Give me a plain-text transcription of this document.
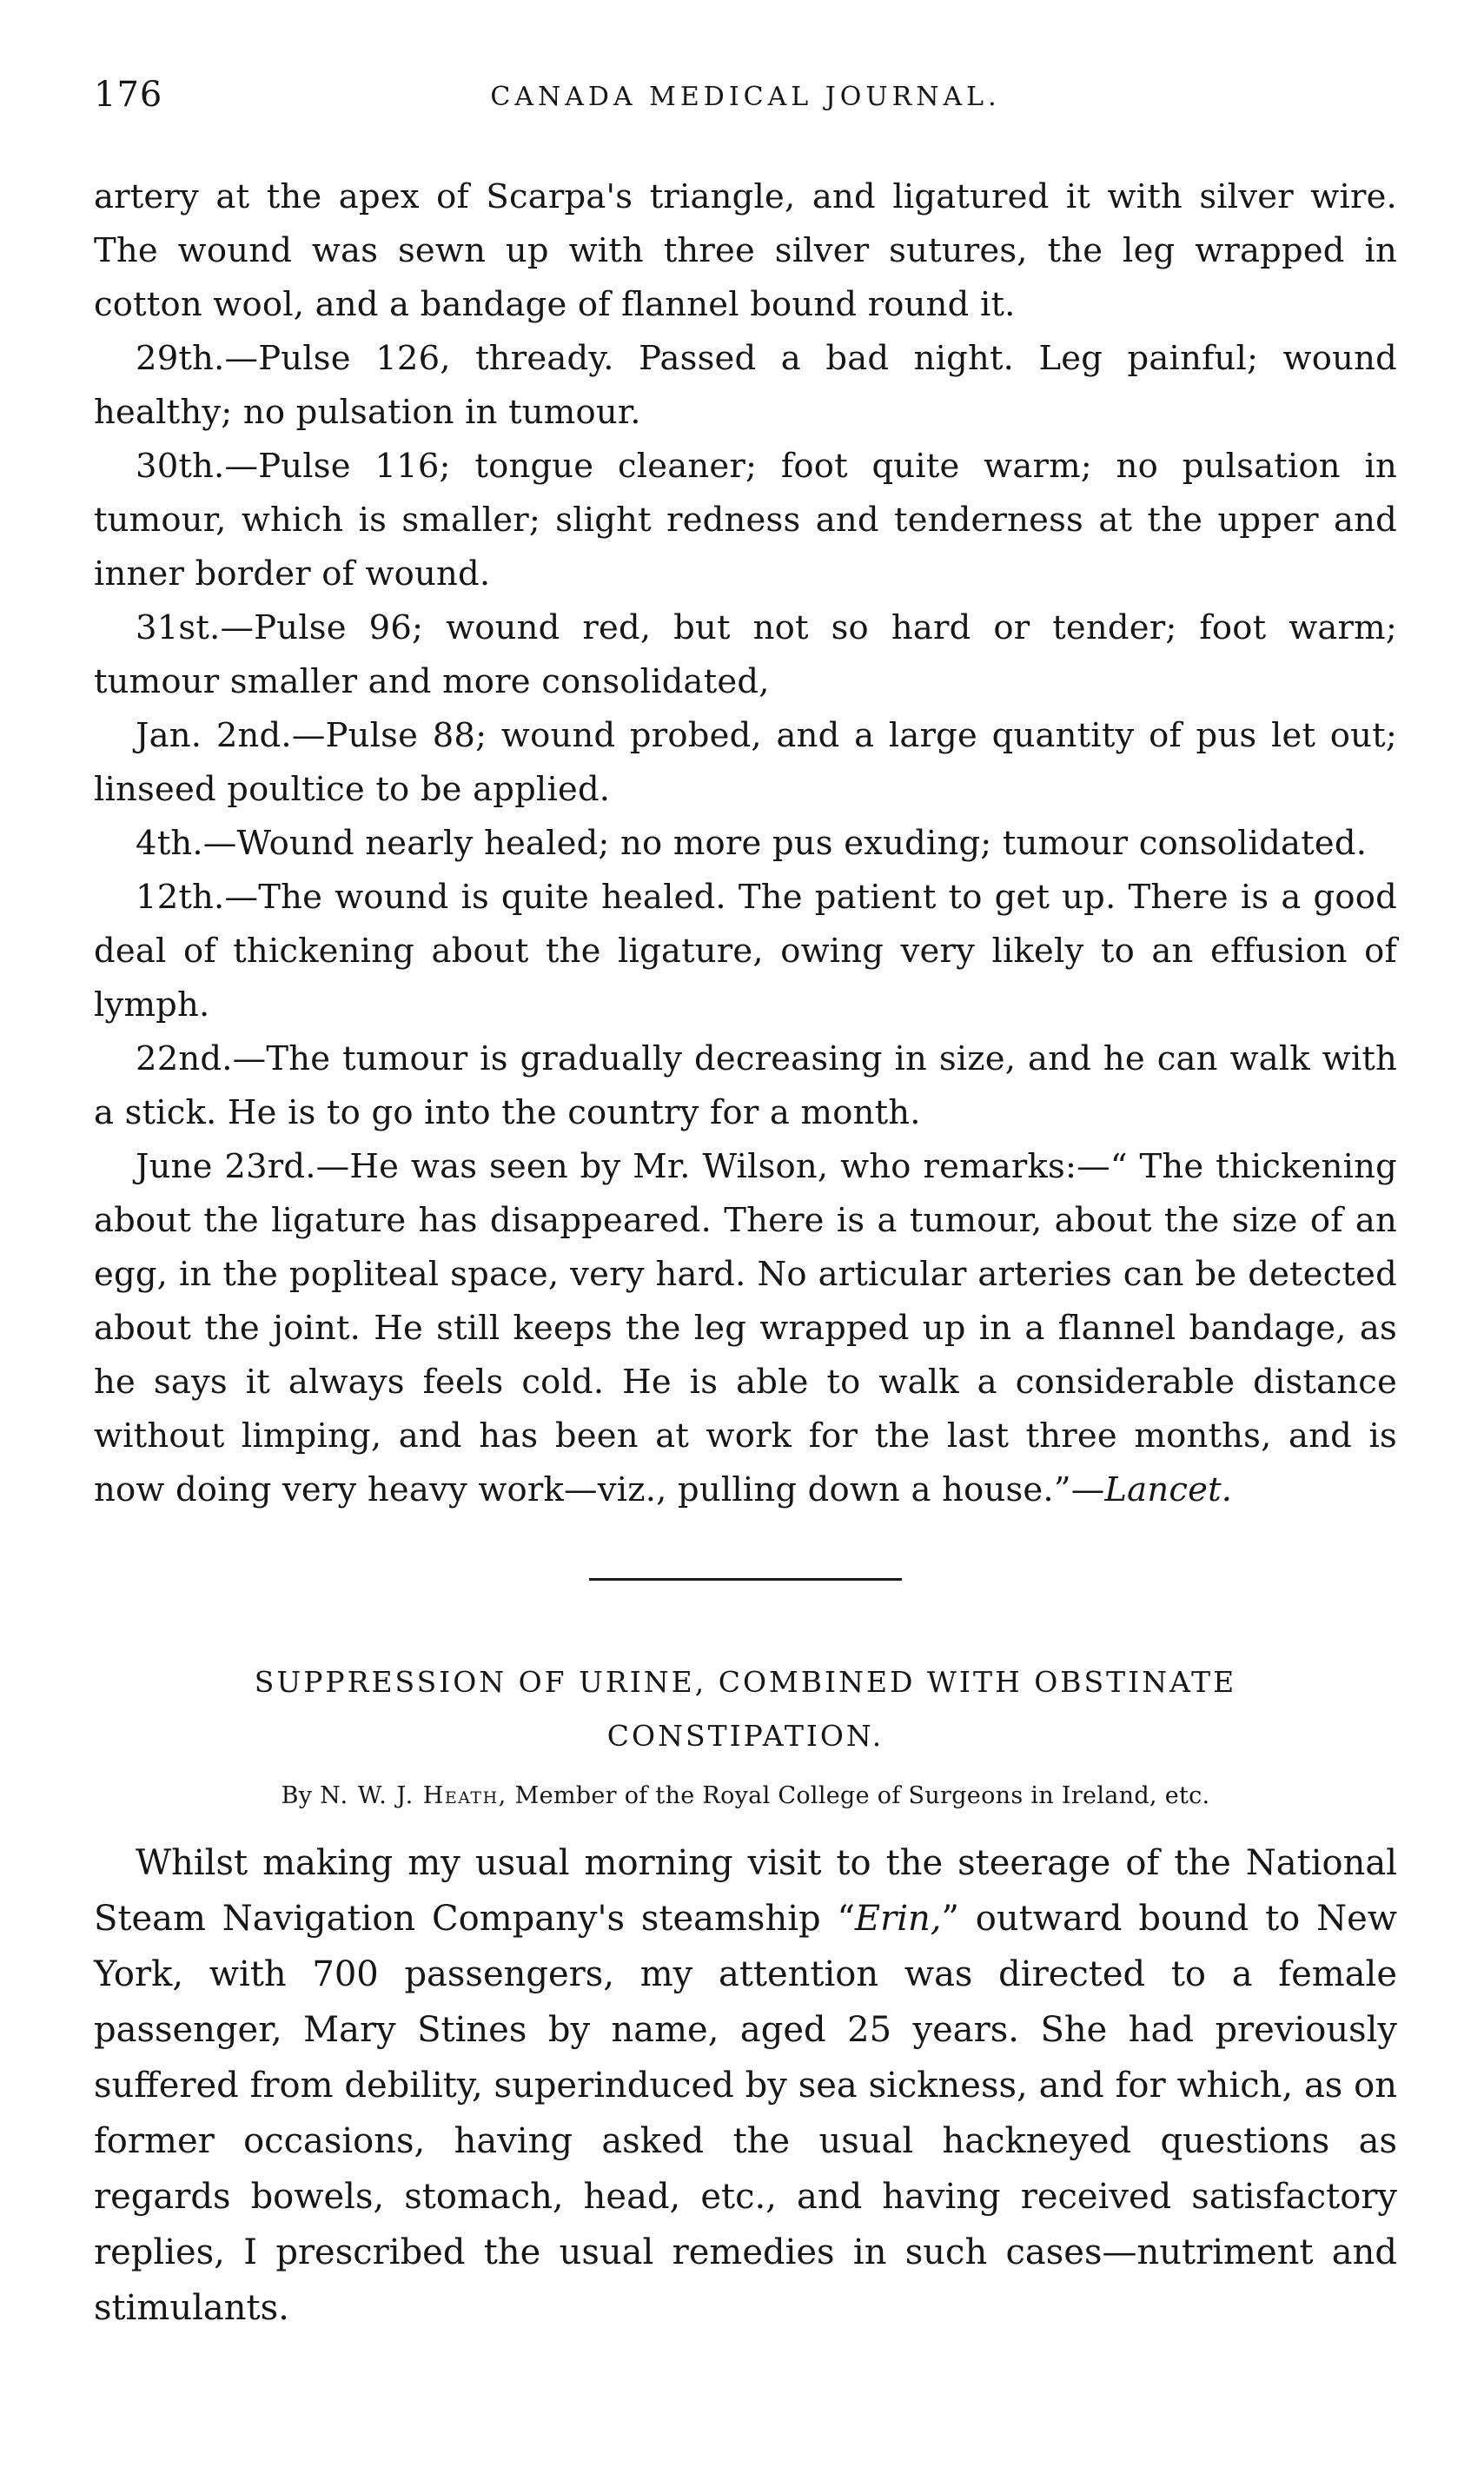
176	CANADA MEDICAL JOURNAL.

artery at the apex of Scarpa's triangle, and ligatured it with silver wire. The wound was sewn up with three silver sutures, the leg wrapped in cotton wool, and a bandage of flannel bound round it.

29th.—Pulse 126, thready. Passed a bad night. Leg painful; wound healthy; no pulsation in tumour.

30th.—Pulse 116; tongue cleaner; foot quite warm; no pulsation in tumour, which is smaller; slight redness and tenderness at the upper and inner border of wound.

31st.—Pulse 96; wound red, but not so hard or tender; foot warm; tumour smaller and more consolidated,

Jan. 2nd.—Pulse 88; wound probed, and a large quantity of pus let out; linseed poultice to be applied.

4th.—Wound nearly healed; no more pus exuding; tumour consolidated.

12th.—The wound is quite healed. The patient to get up. There is a good deal of thickening about the ligature, owing very likely to an effusion of lymph.

22nd.—The tumour is gradually decreasing in size, and he can walk with a stick. He is to go into the country for a month.

June 23rd.—He was seen by Mr. Wilson, who remarks:—“ The thickening about the ligature has disappeared. There is a tumour, about the size of an egg, in the popliteal space, very hard. No articular arteries can be detected about the joint. He still keeps the leg wrapped up in a flannel bandage, as he says it always feels cold. He is able to walk a considerable distance without limping, and has been at work for the last three months, and is now doing very heavy work—viz., pulling down a house.”—Lancet.

SUPPRESSION OF URINE, COMBINED WITH OBSTINATE CONSTIPATION.
By N. W. J. Heath, Member of the Royal College of Surgeons in Ireland, etc.

Whilst making my usual morning visit to the steerage of the National Steam Navigation Company's steamship “Erin,” outward bound to New York, with 700 passengers, my attention was directed to a female passenger, Mary Stines by name, aged 25 years. She had previously suffered from debility, superinduced by sea sickness, and for which, as on former occasions, having asked the usual hackneyed questions as regards bowels, stomach, head, etc., and having received satisfactory replies, I prescribed the usual remedies in such cases—nutriment and stimulants.
